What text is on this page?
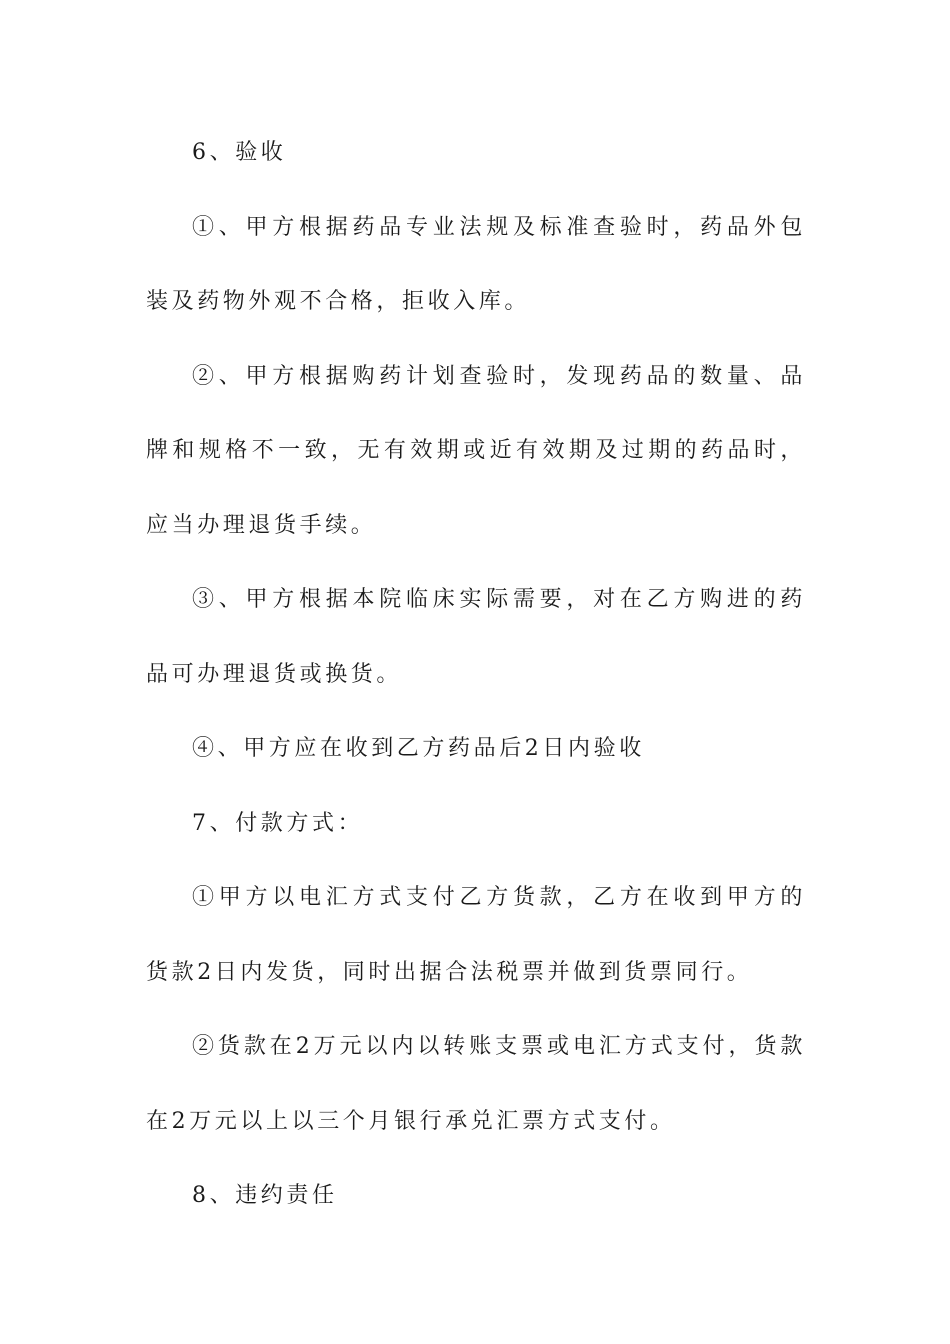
6、验收

①、甲方根据药品专业法规及标准查验时，药品外包装及药物外观不合格，拒收入库。

②、甲方根据购药计划查验时，发现药品的数量、品牌和规格不一致，无有效期或近有效期及过期的药品时，应当办理退货手续。

③、甲方根据本院临床实际需要，对在乙方购进的药品可办理退货或换货。

④、甲方应在收到乙方药品后2日内验收

7、付款方式：

①甲方以电汇方式支付乙方货款，乙方在收到甲方的货款2日内发货，同时出据合法税票并做到货票同行。

②货款在2万元以内以转账支票或电汇方式支付，货款在2万元以上以三个月银行承兑汇票方式支付。

8、违约责任
